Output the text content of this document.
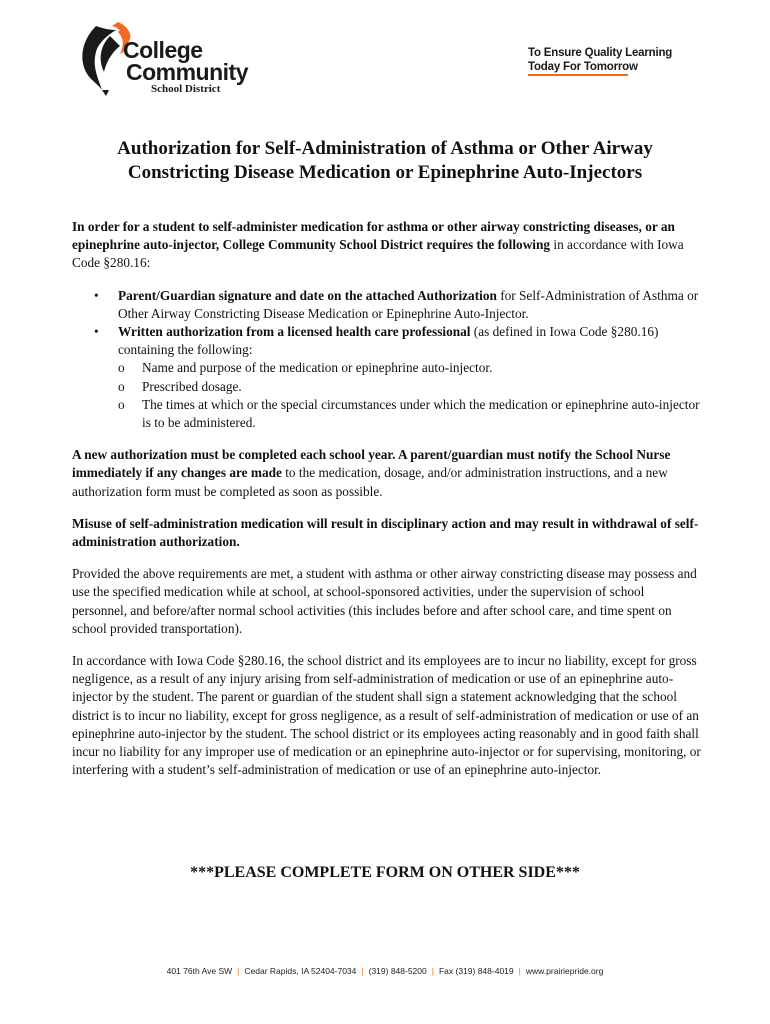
College
Community
School District
To Ensure Quality Learning
Today For Tomorrow
Authorization for Self-Administration of Asthma or Other Airway
Constricting Disease Medication or Epinephrine Auto-Injectors

In order for a student to self-administer medication for asthma or other airway constricting diseases, or an epinephrine auto-injector, College Community School District requires the following in accordance with Iowa Code §280.16:

• Parent/Guardian signature and date on the attached Authorization for Self-Administration of Asthma or Other Airway Constricting Disease Medication or Epinephrine Auto-Injector.
• Written authorization from a licensed health care professional (as defined in Iowa Code §280.16) containing the following:
o Name and purpose of the medication or epinephrine auto-injector.
o Prescribed dosage.
o The times at which or the special circumstances under which the medication or epinephrine auto-injector is to be administered.

A new authorization must be completed each school year. A parent/guardian must notify the School Nurse immediately if any changes are made to the medication, dosage, and/or administration instructions, and a new authorization form must be completed as soon as possible.

Misuse of self-administration medication will result in disciplinary action and may result in withdrawal of self-administration authorization.

Provided the above requirements are met, a student with asthma or other airway constricting disease may possess and use the specified medication while at school, at school-sponsored activities, under the supervision of school personnel, and before/after normal school activities (this includes before and after school care, and time spent on school provided transportation).

In accordance with Iowa Code §280.16, the school district and its employees are to incur no liability, except for gross negligence, as a result of any injury arising from self-administration of medication or use of an epinephrine auto-injector by the student. The parent or guardian of the student shall sign a statement acknowledging that the school district is to incur no liability, except for gross negligence, as a result of self-administration of medication or use of an epinephrine auto-injector by the student. The school district or its employees acting reasonably and in good faith shall incur no liability for any improper use of medication or an epinephrine auto-injector or for supervising, monitoring, or interfering with a student’s self-administration of medication or use of an epinephrine auto-injector.

***PLEASE COMPLETE FORM ON OTHER SIDE***
401 76th Ave SW | Cedar Rapids, IA 52404-7034 | (319) 848-5200 | Fax (319) 848-4019 | www.prairiepride.org
